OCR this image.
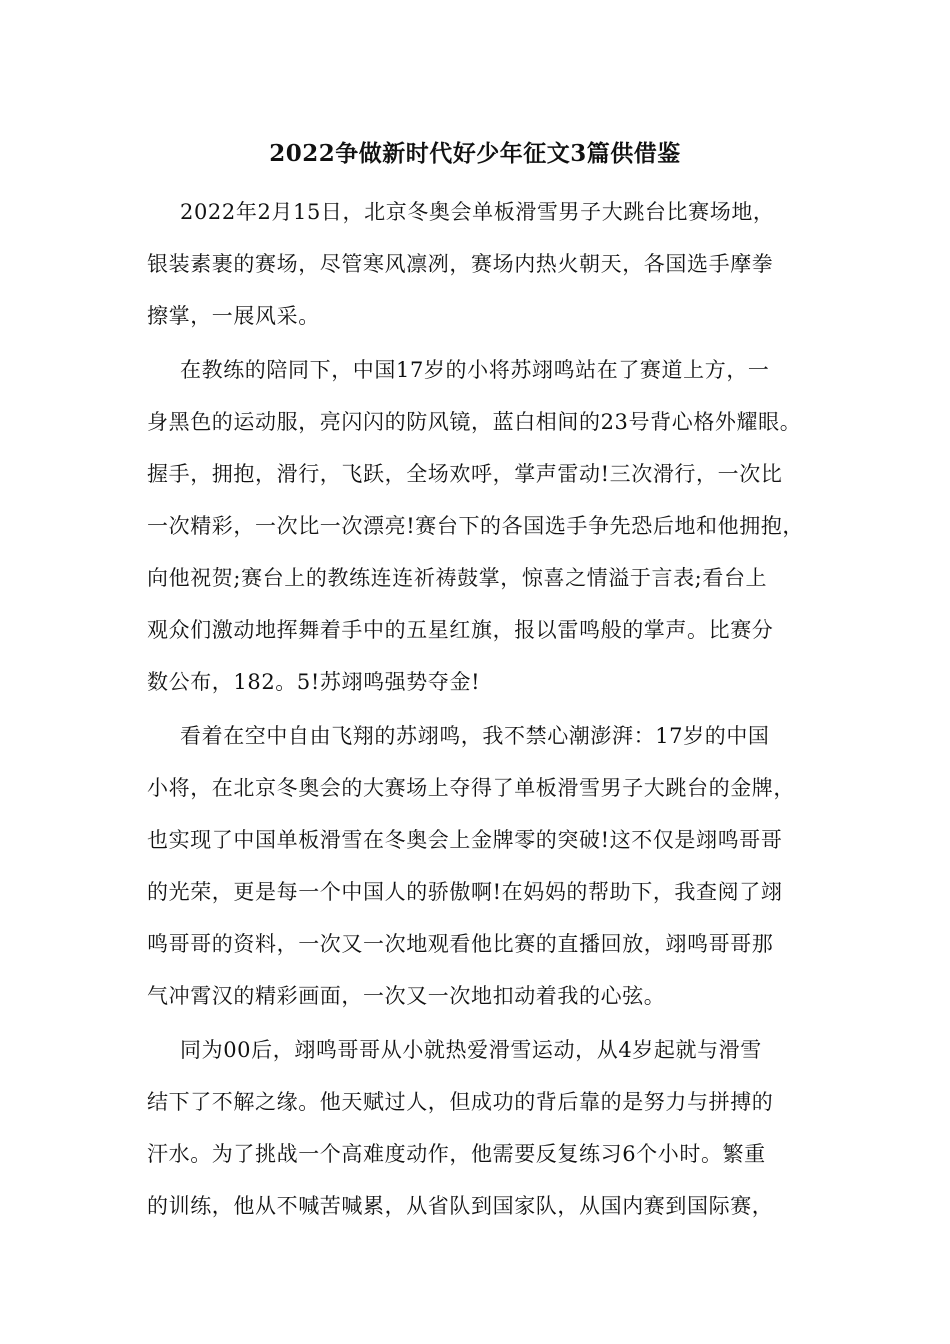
2022争做新时代好少年征文3篇供借鉴
2022年2月15日，北京冬奥会单板滑雪男子大跳台比赛场地，
银装素裹的赛场，尽管寒风凛冽，赛场内热火朝天，各国选手摩拳
擦掌，一展风采。
在教练的陪同下，中国17岁的小将苏翊鸣站在了赛道上方，一
身黑色的运动服，亮闪闪的防风镜，蓝白相间的23号背心格外耀眼。
握手，拥抱，滑行，飞跃，全场欢呼，掌声雷动!三次滑行，一次比
一次精彩，一次比一次漂亮!赛台下的各国选手争先恐后地和他拥抱，
向他祝贺;赛台上的教练连连祈祷鼓掌，惊喜之情溢于言表;看台上
观众们激动地挥舞着手中的五星红旗，报以雷鸣般的掌声。比赛分
数公布，182。5!苏翊鸣强势夺金!
看着在空中自由飞翔的苏翊鸣，我不禁心潮澎湃：17岁的中国
小将，在北京冬奥会的大赛场上夺得了单板滑雪男子大跳台的金牌，
也实现了中国单板滑雪在冬奥会上金牌零的突破!这不仅是翊鸣哥哥
的光荣，更是每一个中国人的骄傲啊!在妈妈的帮助下，我查阅了翊
鸣哥哥的资料，一次又一次地观看他比赛的直播回放，翊鸣哥哥那
气冲霄汉的精彩画面，一次又一次地扣动着我的心弦。
同为00后，翊鸣哥哥从小就热爱滑雪运动，从4岁起就与滑雪
结下了不解之缘。他天赋过人，但成功的背后靠的是努力与拼搏的
汗水。为了挑战一个高难度动作，他需要反复练习6个小时。繁重
的训练，他从不喊苦喊累，从省队到国家队，从国内赛到国际赛，
